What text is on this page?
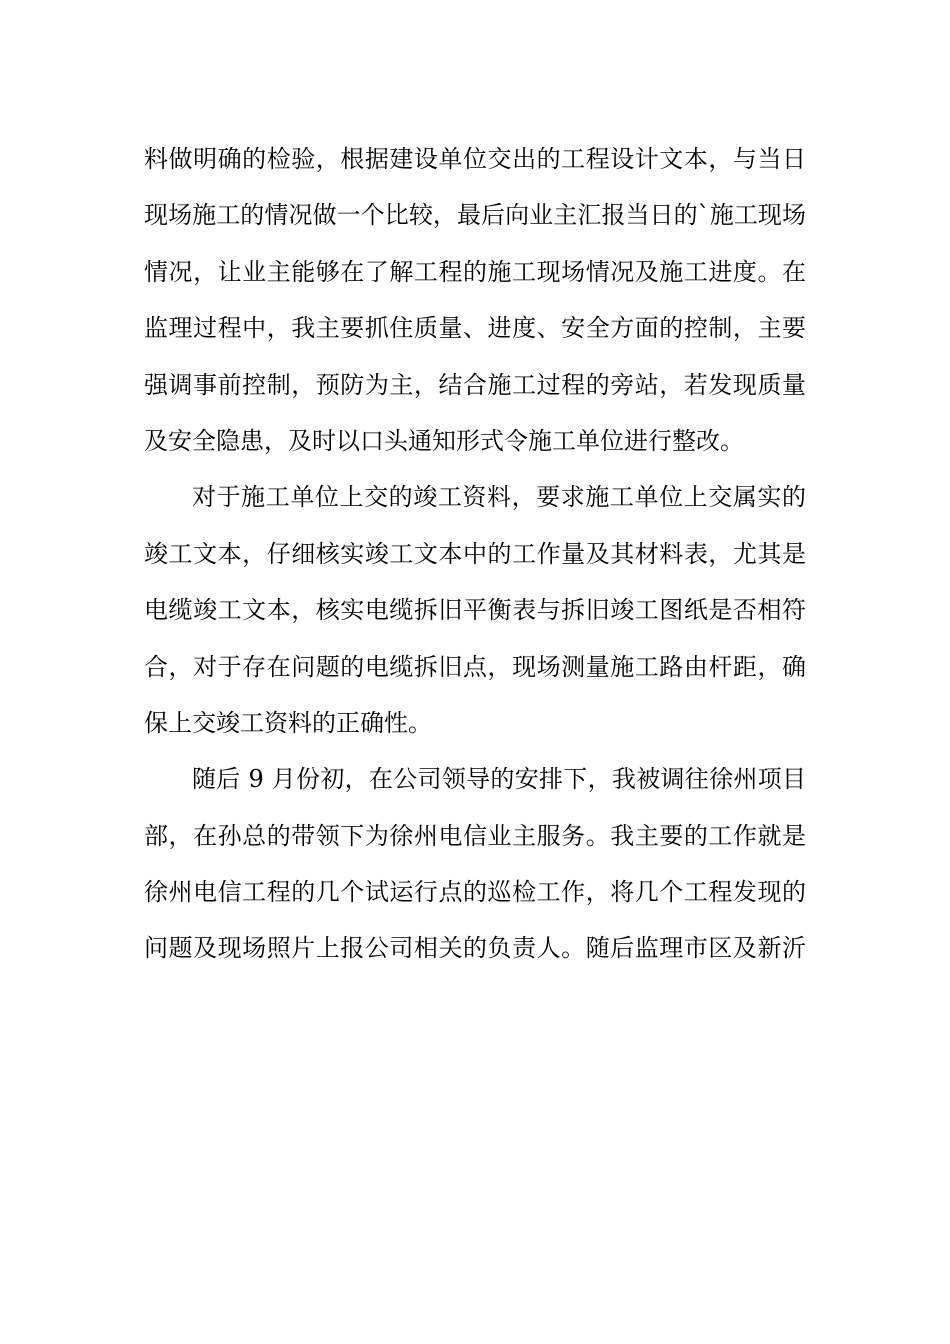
料做明确的检验，根据建设单位交出的工程设计文本，与当日
现场施工的情况做一个比较，最后向业主汇报当日的`施工现场
情况，让业主能够在了解工程的施工现场情况及施工进度。在
监理过程中，我主要抓住质量、进度、安全方面的控制，主要
强调事前控制，预防为主，结合施工过程的旁站，若发现质量
及安全隐患，及时以口头通知形式令施工单位进行整改。
对于施工单位上交的竣工资料，要求施工单位上交属实的
竣工文本，仔细核实竣工文本中的工作量及其材料表，尤其是
电缆竣工文本，核实电缆拆旧平衡表与拆旧竣工图纸是否相符
合，对于存在问题的电缆拆旧点，现场测量施工路由杆距，确
保上交竣工资料的正确性。
随后 9 月份初，在公司领导的安排下，我被调往徐州项目
部，在孙总的带领下为徐州电信业主服务。我主要的工作就是
徐州电信工程的几个试运行点的巡检工作，将几个工程发现的
问题及现场照片上报公司相关的负责人。随后监理市区及新沂
